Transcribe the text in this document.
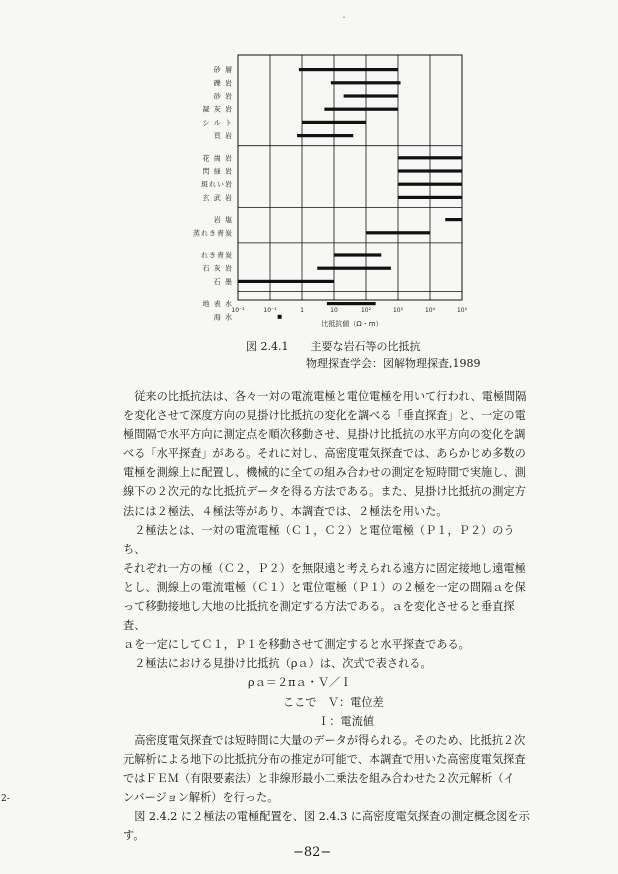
砂 層
礫 岩
砂 岩
凝 灰 岩
シ ル ト
頁 岩
花 崗 岩
閃 緑 岩
斑れい岩
玄 武 岩
岩 塩
蒸れき青炭
れき青炭
石 灰 岩
石 墨
地 表 水
海 水
10⁻²	10⁻¹	1	10	10²	10³	10⁴	10⁵
比抵抗値（Ω・m）
図 2.4.1　　主要な岩石等の比抵抗
物理探査学会：図解物理探査,1989

従来の比抵抗法は、各々一対の電流電極と電位電極を用いて行われ、電極間隔

を変化させて深度方向の見掛け比抵抗の変化を調べる「垂直探査」と、一定の電

極間隔で水平方向に測定点を順次移動させ、見掛け比抵抗の水平方向の変化を調

べる「水平探査」がある。それに対し、高密度電気探査では、あらかじめ多数の

電極を測線上に配置し、機械的に全ての組み合わせの測定を短時間で実施し、測

線下の２次元的な比抵抗データを得る方法である。また、見掛け比抵抗の測定方

法には２極法、４極法等があり、本調査では、２極法を用いた。

２極法とは、一対の電流電極（Ｃ１，Ｃ２）と電位電極（Ｐ１，Ｐ２）のうち、

それぞれ一方の極（Ｃ２，Ｐ２）を無限遠と考えられる遠方に固定接地し遠電極

とし、測線上の電流電極（Ｃ１）と電位電極（Ｐ１）の２極を一定の間隔ａを保

って移動接地し大地の比抵抗を測定する方法である。ａを変化させると垂直探査、

ａを一定にしてＣ１，Ｐ１を移動させて測定すると水平探査である。

２極法における見掛け比抵抗（ρａ）は、次式で表される。

ρａ＝２πａ・Ｖ／Ｉ

ここで　Ｖ：電位差

Ｉ：電流値

高密度電気探査では短時間に大量のデータが得られる。そのため、比抵抗２次

元解析による地下の比抵抗分布の推定が可能で、本調査で用いた高密度電気探査

ではＦＥＭ（有限要素法）と非線形最小二乗法を組み合わせた２次元解析（イ

ンバージョン解析）を行った。

図 2.4.2 に２極法の電極配置を、図 2.4.3 に高密度電気探査の測定概念図を示す。

−82−
2-
・
